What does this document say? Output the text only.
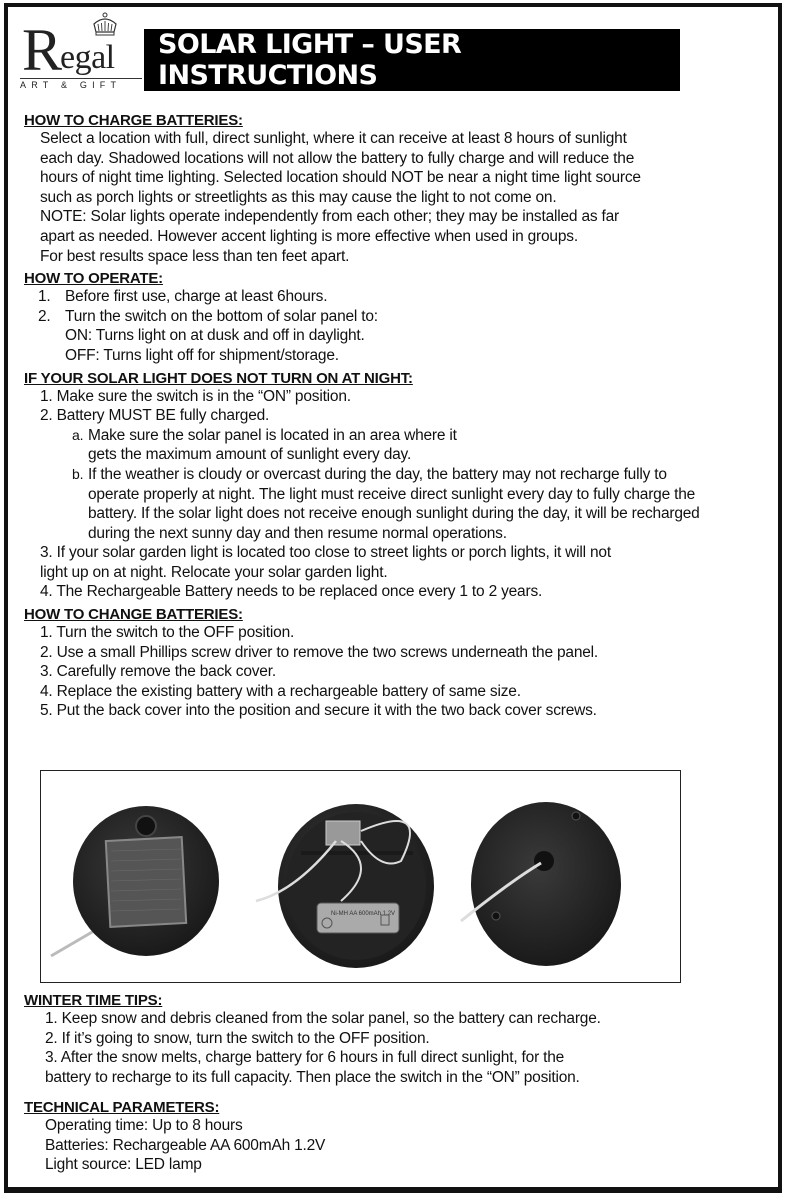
R
egal
ART & GIFT
SOLAR LIGHT – USER INSTRUCTIONS
HOW TO CHARGE BATTERIES:
Select a location with full, direct sunlight, where it can receive at least 8 hours of sunlight
each day. Shadowed locations will not allow the battery to fully charge and will reduce the
hours of night time lighting. Selected location should NOT be near a night time light source
such as porch lights or streetlights as this may cause the light to not come on.
NOTE: Solar lights operate independently from each other; they may be installed as far
apart as needed. However accent lighting is more effective when used in groups.
For best results space less than ten feet apart.
HOW TO OPERATE:
1. Before first use, charge at least 6hours.
2. Turn the switch on the bottom of solar panel to:
ON: Turns light on at dusk and off in daylight.
OFF: Turns light off for shipment/storage.
IF YOUR SOLAR LIGHT DOES NOT TURN ON AT NIGHT:
1. Make sure the switch is in the “ON” position.
2. Battery MUST BE fully charged.
a. Make sure the solar panel is located in an area where it gets the maximum amount of sunlight every day.
b. If the weather is cloudy or overcast during the day, the battery may not recharge fully to operate properly at night. The light must receive direct sunlight every day to fully charge the battery. If the solar light does not receive enough sunlight during the day, it will be recharged during the next sunny day and then resume normal operations.
3. If your solar garden light is located too close to street lights or porch lights, it will not
light up on at night. Relocate your solar garden light.
4. The Rechargeable Battery needs to be replaced once every 1 to 2 years.
HOW TO CHANGE BATTERIES:
1. Turn the switch to the OFF position.
2. Use a small Phillips screw driver to remove the two screws underneath the panel.
3. Carefully remove the back cover.
4. Replace the existing battery with a rechargeable battery of same size.
5. Put the back cover into the position and secure it with the two back cover screws.
Ni-MH AA 600mAh 1.2V
WINTER TIME TIPS:
1. Keep snow and debris cleaned from the solar panel, so the battery can recharge.
2. If it’s going to snow, turn the switch to the OFF position.
3. After the snow melts, charge battery for 6 hours in full direct sunlight, for the
battery to recharge to its full capacity. Then place the switch in the “ON” position.
TECHNICAL PARAMETERS:
Operating time: Up to 8 hours
Batteries: Rechargeable AA 600mAh 1.2V
Light source: LED lamp
